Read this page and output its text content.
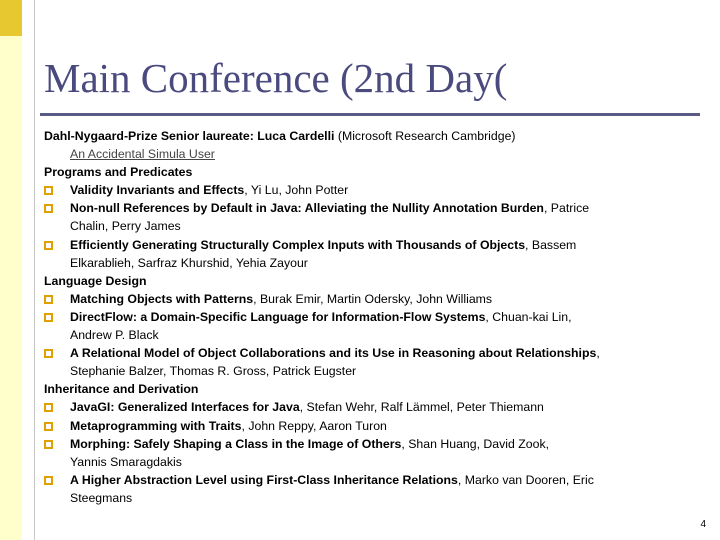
Main Conference (2nd Day(
Dahl-Nygaard-Prize Senior laureate: Luca Cardelli (Microsoft Research Cambridge)
An Accidental Simula User
Programs and Predicates
Validity Invariants and Effects, Yi Lu, John Potter
Non-null References by Default in Java: Alleviating the Nullity Annotation Burden, Patrice
Chalin, Perry James
Efficiently Generating Structurally Complex Inputs with Thousands of Objects, Bassem
Elkarablieh, Sarfraz Khurshid, Yehia Zayour
Language Design
Matching Objects with Patterns, Burak Emir, Martin Odersky, John Williams
DirectFlow: a Domain-Specific Language for Information-Flow Systems, Chuan-kai Lin,
Andrew P. Black
A Relational Model of Object Collaborations and its Use in Reasoning about Relationships,
Stephanie Balzer, Thomas R. Gross, Patrick Eugster
Inheritance and Derivation
JavaGI: Generalized Interfaces for Java, Stefan Wehr, Ralf Lämmel, Peter Thiemann
Metaprogramming with Traits, John Reppy, Aaron Turon
Morphing: Safely Shaping a Class in the Image of Others, Shan Huang, David Zook,
Yannis Smaragdakis
A Higher Abstraction Level using First-Class Inheritance Relations, Marko van Dooren, Eric
Steegmans
4
